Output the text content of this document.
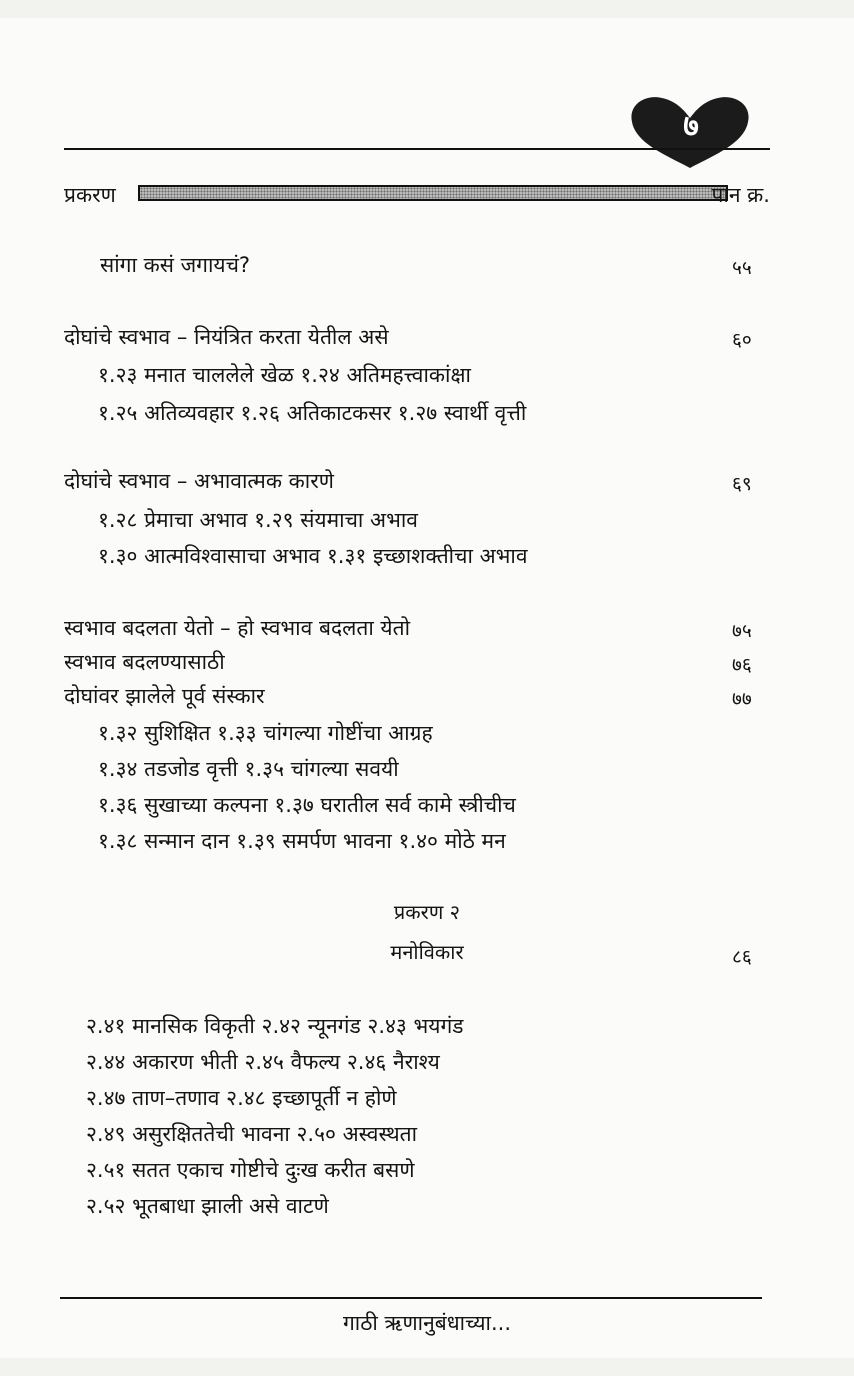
७
प्रकरण	पान क्र.
सांगा कसं जगायचं?	५५
दोघांचे स्वभाव – नियंत्रित करता येतील असे	६०
१.२३ मनात चाललेले खेळ १.२४ अतिमहत्त्वाकांक्षा
१.२५ अतिव्यवहार १.२६ अतिकाटकसर १.२७ स्वार्थी वृत्ती
दोघांचे स्वभाव – अभावात्मक कारणे	६९
१.२८ प्रेमाचा अभाव १.२९ संयमाचा अभाव
१.३० आत्मविश्वासाचा अभाव १.३१ इच्छाशक्तीचा अभाव
स्वभाव बदलता येतो – हो स्वभाव बदलता येतो	७५
स्वभाव बदलण्यासाठी	७६
दोघांवर झालेले पूर्व संस्कार	७७
१.३२ सुशिक्षित १.३३ चांगल्या गोष्टींचा आग्रह
१.३४ तडजोड वृत्ती १.३५ चांगल्या सवयी
१.३६ सुखाच्या कल्पना १.३७ घरातील सर्व कामे स्त्रीचीच
१.३८ सन्मान दान १.३९ समर्पण भावना १.४० मोठे मन
प्रकरण २
मनोविकार	८६
२.४१ मानसिक विकृती २.४२ न्यूनगंड २.४३ भयगंड
२.४४ अकारण भीती २.४५ वैफल्य २.४६ नैराश्य
२.४७ ताण–तणाव २.४८ इच्छापूर्ती न होणे
२.४९ असुरक्षिततेची भावना २.५० अस्वस्थता
२.५१ सतत एकाच गोष्टीचे दुःख करीत बसणे
२.५२ भूतबाधा झाली असे वाटणे
गाठी ऋणानुबंधाच्या...
